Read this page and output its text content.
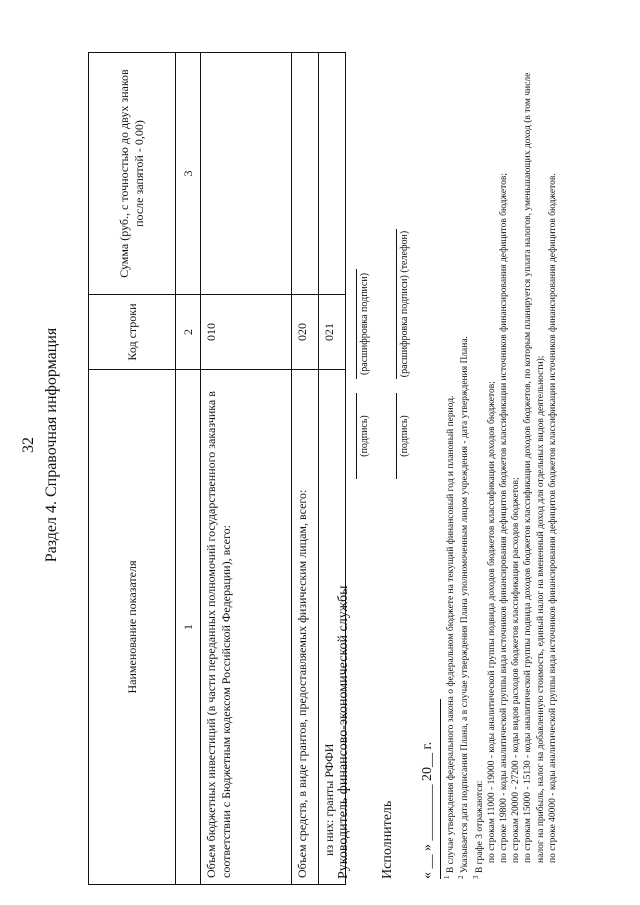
32 Раздел 4. Справочная информация
Наименование показателя	Код строки	Сумма (руб., с точностью до двух знаков после запятой - 0,00)
1	2	3
Объем бюджетных инвестиций (в части переданных полномочий государственного заказчика в соответствии с Бюджетным кодексом Российской Федерации), всего:	010	
Объем средств, в виде грантов, предоставляемых физическим лицам, всего:	020	
из них: гранты РФФИ	021	
Руководитель финансово-экономической службы
(подпись)
(расшифровка подписи)
Исполнитель
(подпись)
(расшифровка подписи) (телефон)
« __ » ________ 20__ г. $^1$ В случае утверждения федерального закона о федеральном бюджете на текущий финансовый год и плановый период.

$^2$ Указывается дата подписания Плана, а в случае утверждения Плана уполномоченным лицом учреждения - дата утверждения Плана.

$^3$ В графе 3 отражаются: по строкам 11000 - 19000 - коды аналитической группы подвида доходов бюджетов классификации доходов бюджетов; по строке 19800 - коды аналитической группы вида источников финансирования дефицитов бюджетов классификации источников финансирования дефицитов бюджетов; по строкам 20000 - 27200 - коды видов расходов бюджетов классификации расходов бюджетов; по строкам 15000 - 15130 - коды аналитической группы подвида доходов бюджетов классификации доходов бюджетов, по которым планируется уплата налогов, уменьшающих доход (в том числе налог на прибыль, налог на добавленную стоимость, единый налог на вмененный доход для отдельных видов деятельности); по строке 40000 - коды аналитической группы вида источников финансирования дефицитов бюджетов классификации источников финансирования дефицитов бюджетов.
